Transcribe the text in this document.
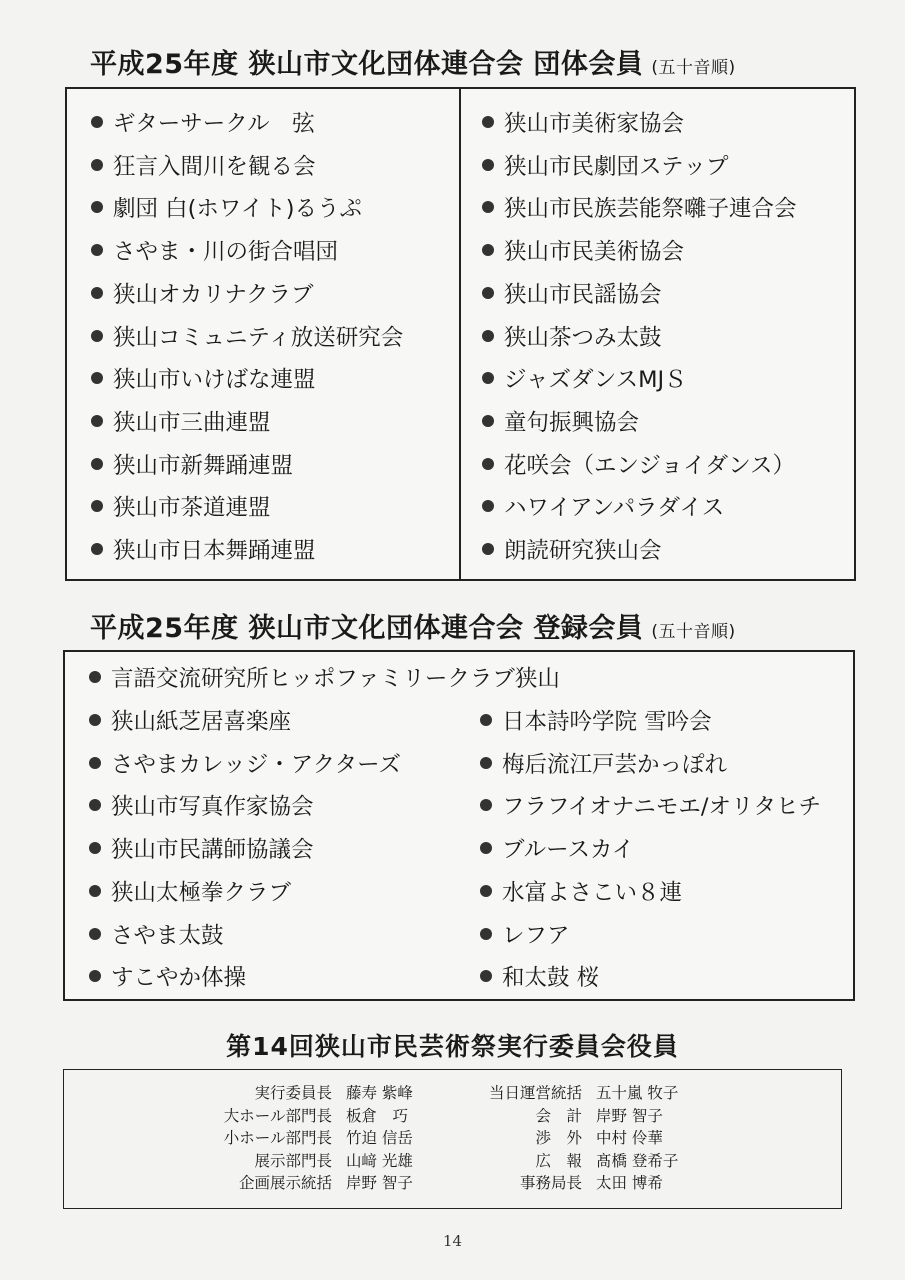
平成25年度 狭山市文化団体連合会 団体会員 (五十音順)
ギターサークル　弦
狂言入間川を観る会
劇団 白(ホワイト)るうぷ
さやま・川の街合唱団
狭山オカリナクラブ
狭山コミュニティ放送研究会
狭山市いけばな連盟
狭山市三曲連盟
狭山市新舞踊連盟
狭山市茶道連盟
狭山市日本舞踊連盟
狭山市美術家協会
狭山市民劇団ステップ
狭山市民族芸能祭囃子連合会
狭山市民美術協会
狭山市民謡協会
狭山茶つみ太鼓
ジャズダンスMJＳ
童句振興協会
花咲会（エンジョイダンス）
ハワイアンパラダイス
朗読研究狭山会
平成25年度 狭山市文化団体連合会 登録会員 (五十音順)
言語交流研究所ヒッポファミリークラブ狭山
狭山紙芝居喜楽座
さやまカレッジ・アクターズ
狭山市写真作家協会
狭山市民講師協議会
狭山太極拳クラブ
さやま太鼓
すこやか体操
日本詩吟学院 雪吟会
梅后流江戸芸かっぽれ
フラフイオナニモエ/オリタヒチ
ブルースカイ
水富よさこい８連
レフア
和太鼓 桜
第14回狭山市民芸術祭実行委員会役員
実行委員長 藤寿 紫峰
大ホール部門長 板倉　巧
小ホール部門長 竹迫 信岳
展示部門長 山﨑 光雄
企画展示統括 岸野 智子
当日運営統括 五十嵐 牧子
会　計 岸野 智子
渉　外 中村 伶華
広　報 髙橋 登希子
事務局長 太田 博希
14
